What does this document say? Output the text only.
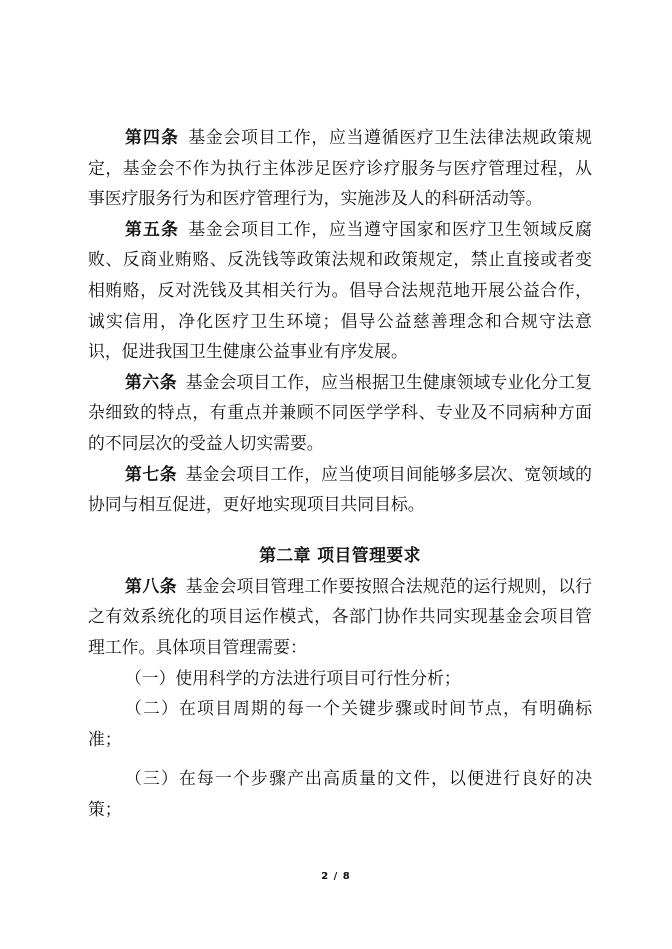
第四条  基金会项目工作，应当遵循医疗卫生法律法规政策规定，基金会不作为执行主体涉足医疗诊疗服务与医疗管理过程，从事医疗服务行为和医疗管理行为，实施涉及人的科研活动等。

第五条  基金会项目工作，应当遵守国家和医疗卫生领域反腐败、反商业贿赂、反洗钱等政策法规和政策规定，禁止直接或者变相贿赂，反对洗钱及其相关行为。倡导合法规范地开展公益合作，诚实信用，净化医疗卫生环境；倡导公益慈善理念和合规守法意识，促进我国卫生健康公益事业有序发展。

第六条  基金会项目工作，应当根据卫生健康领域专业化分工复杂细致的特点，有重点并兼顾不同医学学科、专业及不同病种方面的不同层次的受益人切实需要。

第七条  基金会项目工作，应当使项目间能够多层次、宽领域的协同与相互促进，更好地实现项目共同目标。

第二章 项目管理要求

第八条  基金会项目管理工作要按照合法规范的运行规则，以行之有效系统化的项目运作模式，各部门协作共同实现基金会项目管理工作。具体项目管理需要：

（一）使用科学的方法进行项目可行性分析；

（二）在项目周期的每一个关键步骤或时间节点，有明确标准；

（三）在每一个步骤产出高质量的文件，以便进行良好的决策；

2 / 8
